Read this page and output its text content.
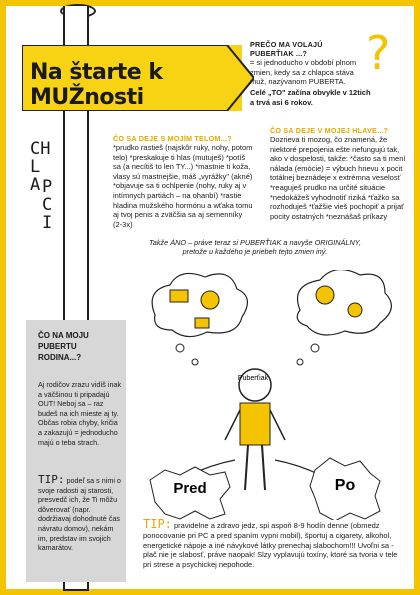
Na štarte k MUŽnosti
CH
L
A P
C
I
?
PREČO MA VOLAJÚ PUBERŤIAK ...?
= si jednoducho v období plnom zmien, kedy sa z chlapca stáva muž, nazývanom PUBERTA.
Celé „TO" začína obvykle v 12tich a trvá asi 6 rokov.
ČO SA DEJE S MOJÍM TELOM...?
*prudko rastieš (najskôr ruky, nohy, potom telo) *preskakuje ti hlas (mutuješ) *potíš sa (a necítiš to len TY...) *mastnie ti koža, vlasy sú mastnejšie, máš „vyrážky" (akné) *objavuje sa ti ochlpenie (nohy, ruky aj v intímnych partiách – na ohanbí) *rastie hladina mužského hormónu a wťaka tomu aj tvoj penis a zväčšia sa aj semenníky (2-3x)
ČO SA DEJE V MOJEJ HLAVE...?
Dozrieva ti mozog, čo znamená, že niektoré prepojenia ešte nefungujú tak, ako v dospelosti, takže: *často sa ti mení nálada (emócie) = výbuch hnevu x pocit totálnej beznádeje x extrémna veselosť *reaguješ prudko na určité situácie *nedokážeš vyhodnotiť riziká *ťažko sa rozhoduješ *ťažšie vieš pochopiť a prijať pocity ostatných *neznášaš príkazy
Takže ÁNO – práve teraz si PUBERŤIAK a navyše ORIGINÁLNY, pretože u každého je priebeh tejto zmien iný.
Puberťiak
Pred	Po
ČO NA MOJU PUBERTU RODINA...?
Aj rodičov zrazu vidíš inak a väčšinou ti pripadajú OUT! Neboj sa – raz budeš na ich mieste aj ty. Občas robia chyby, kričia a zakazujú = jednoducho majú o teba strach.
TIP: podeľ sa s nimi o svoje radosti aj starosti, presvedč ich, že Ti môžu dôverovať (napr. dodržiavaj dohodnuté čas návratu domov), nekám im, predstav im svojich kamarátov.
TIP: pravidelne a zdravo jedz, spi aspoň 8-9 hodín denne (obmedz ponocovanie pri PC a pred spaním vypni mobil), športuj a cigarety, alkohol, energetické nápoje a iné návykové látky prenechaj slabochom!!! Uvoľni sa - plač nie je slabosť, práve naopak! Slzy vyplavujú toxíny, ktoré sa tvoria v tele pri strese a psychickej nepohode.
